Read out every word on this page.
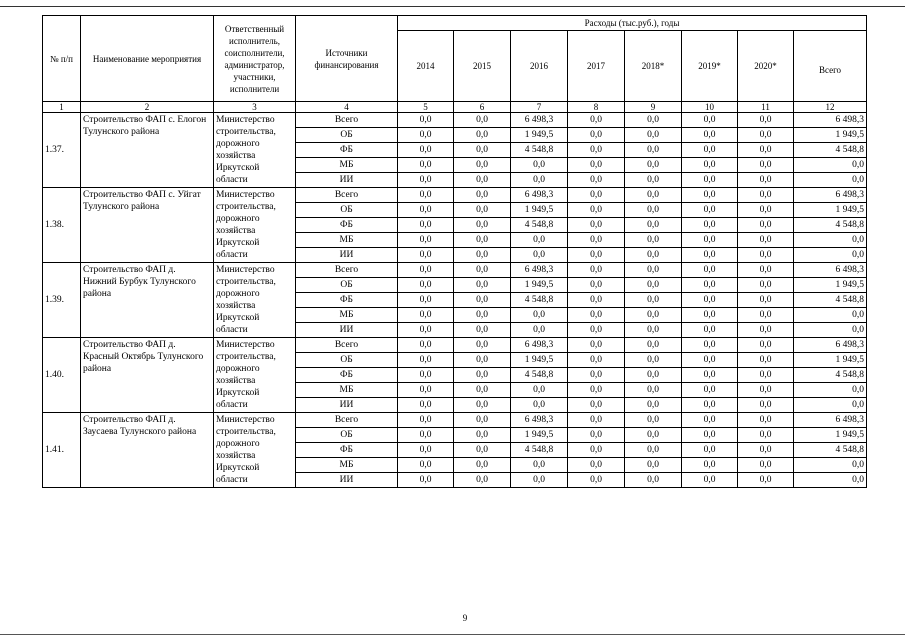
№ п/п	Наименование мероприятия	Ответственный исполнитель, соисполнители, администратор, участники, исполнители	Источники финансирования	Расходы (тыс.руб.), годы							
				2014	2015	2016	2017	2018*	2019*	2020*	Всего
1	2	3	4	5	6	7	8	9	10	11	12
1.37.	Строительство ФАП с. Елогон Тулунского района	Министерство строительства, дорожного хозяйства Иркутской области	Всего	0,0	0,0	6 498,3	0,0	0,0	0,0	0,0	6 498,3
			ОБ	0,0	0,0	1 949,5	0,0	0,0	0,0	0,0	1 949,5
			ФБ	0,0	0,0	4 548,8	0,0	0,0	0,0	0,0	4 548,8
			МБ	0,0	0,0	0,0	0,0	0,0	0,0	0,0	0,0
			ИИ	0,0	0,0	0,0	0,0	0,0	0,0	0,0	0,0
1.38.	Строительство ФАП с. Уйгат Тулунского района	Министерство строительства, дорожного хозяйства Иркутской области	Всего	0,0	0,0	6 498,3	0,0	0,0	0,0	0,0	6 498,3
			ОБ	0,0	0,0	1 949,5	0,0	0,0	0,0	0,0	1 949,5
			ФБ	0,0	0,0	4 548,8	0,0	0,0	0,0	0,0	4 548,8
			МБ	0,0	0,0	0,0	0,0	0,0	0,0	0,0	0,0
			ИИ	0,0	0,0	0,0	0,0	0,0	0,0	0,0	0,0
1.39.	Строительство ФАП д. Нижний Бурбук Тулунского района	Министерство строительства, дорожного хозяйства Иркутской области	Всего	0,0	0,0	6 498,3	0,0	0,0	0,0	0,0	6 498,3
			ОБ	0,0	0,0	1 949,5	0,0	0,0	0,0	0,0	1 949,5
			ФБ	0,0	0,0	4 548,8	0,0	0,0	0,0	0,0	4 548,8
			МБ	0,0	0,0	0,0	0,0	0,0	0,0	0,0	0,0
			ИИ	0,0	0,0	0,0	0,0	0,0	0,0	0,0	0,0
1.40.	Строительство ФАП д. Красный Октябрь Тулунского района	Министерство строительства, дорожного хозяйства Иркутской области	Всего	0,0	0,0	6 498,3	0,0	0,0	0,0	0,0	6 498,3
			ОБ	0,0	0,0	1 949,5	0,0	0,0	0,0	0,0	1 949,5
			ФБ	0,0	0,0	4 548,8	0,0	0,0	0,0	0,0	4 548,8
			МБ	0,0	0,0	0,0	0,0	0,0	0,0	0,0	0,0
			ИИ	0,0	0,0	0,0	0,0	0,0	0,0	0,0	0,0
1.41.	Строительство ФАП д. Заусаева Тулунского района	Министерство строительства, дорожного хозяйства Иркутской области	Всего	0,0	0,0	6 498,3	0,0	0,0	0,0	0,0	6 498,3
			ОБ	0,0	0,0	1 949,5	0,0	0,0	0,0	0,0	1 949,5
			ФБ	0,0	0,0	4 548,8	0,0	0,0	0,0	0,0	4 548,8
			МБ	0,0	0,0	0,0	0,0	0,0	0,0	0,0	0,0
			ИИ	0,0	0,0	0,0	0,0	0,0	0,0	0,0	0,0
9
